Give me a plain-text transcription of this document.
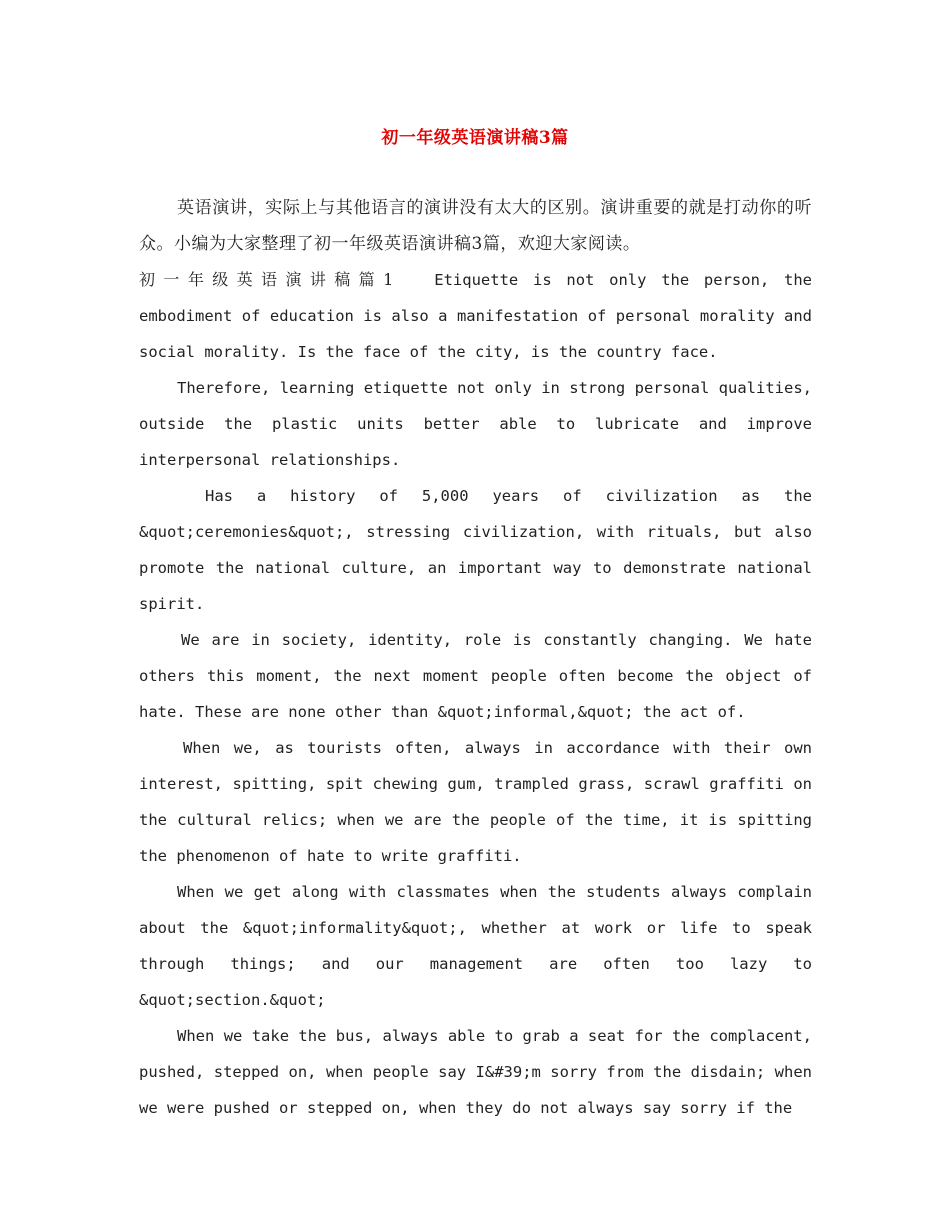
初一年级英语演讲稿3篇

英语演讲，实际上与其他语言的演讲没有太大的区别。演讲重要的就是打动你的听众。小编为大家整理了初一年级英语演讲稿3篇，欢迎大家阅读。

初一年级英语演讲稿篇1 Etiquette is not only the person, the embodiment of education is also a manifestation of personal morality and social morality. Is the face of the city, is the country face.

Therefore, learning etiquette not only in strong personal qualities, outside the plastic units better able to lubricate and improve interpersonal relationships.

Has a history of 5,000 years of civilization as the &quot;ceremonies&quot;, stressing civilization, with rituals, but also promote the national culture, an important way to demonstrate national spirit.

We are in society, identity, role is constantly changing. We hate others this moment, the next moment people often become the object of hate. These are none other than &quot;informal,&quot; the act of.

When we, as tourists often, always in accordance with their own interest, spitting, spit chewing gum, trampled grass, scrawl graffiti on the cultural relics; when we are the people of the time, it is spitting the phenomenon of hate to write graffiti.

When we get along with classmates when the students always complain about the &quot;informality&quot;, whether at work or life to speak through things; and our management are often too lazy to &quot;section.&quot;

When we take the bus, always able to grab a seat for the complacent, pushed, stepped on, when people say I&#39;m sorry from the disdain; when we were pushed or stepped on, when they do not always say sorry if the
